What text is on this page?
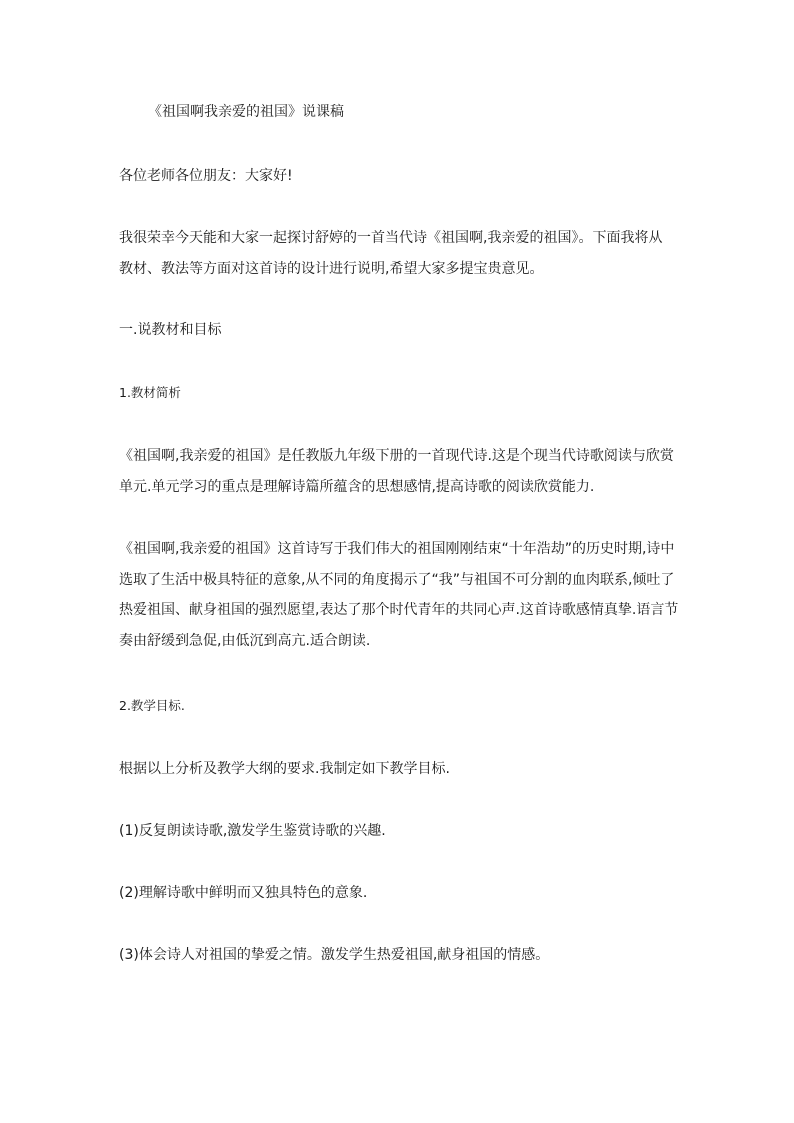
《祖国啊我亲爱的祖国》说课稿

各位老师各位朋友：大家好!

我很荣幸今天能和大家一起探讨舒婷的一首当代诗《祖国啊,我亲爱的祖国》。下面我将从
教材、教法等方面对这首诗的设计进行说明,希望大家多提宝贵意见。

一.说教材和目标

1.教材简析

《祖国啊,我亲爱的祖国》是任教版九年级下册的一首现代诗.这是个现当代诗歌阅读与欣赏
单元.单元学习的重点是理解诗篇所蕴含的思想感情,提高诗歌的阅读欣赏能力.

《祖国啊,我亲爱的祖国》这首诗写于我们伟大的祖国刚刚结束“十年浩劫”的历史时期,诗中
选取了生活中极具特征的意象,从不同的角度揭示了“我”与祖国不可分割的血肉联系,倾吐了
热爱祖国、献身祖国的强烈愿望,表达了那个时代青年的共同心声.这首诗歌感情真挚.语言节
奏由舒缓到急促,由低沉到高亢.适合朗读.

2.教学目标.

根据以上分析及教学大纲的要求.我制定如下教学目标.

(1)反复朗读诗歌,激发学生鉴赏诗歌的兴趣.

(2)理解诗歌中鲜明而又独具特色的意象.

(3)体会诗人对祖国的挚爱之情。激发学生热爱祖国,献身祖国的情感。
